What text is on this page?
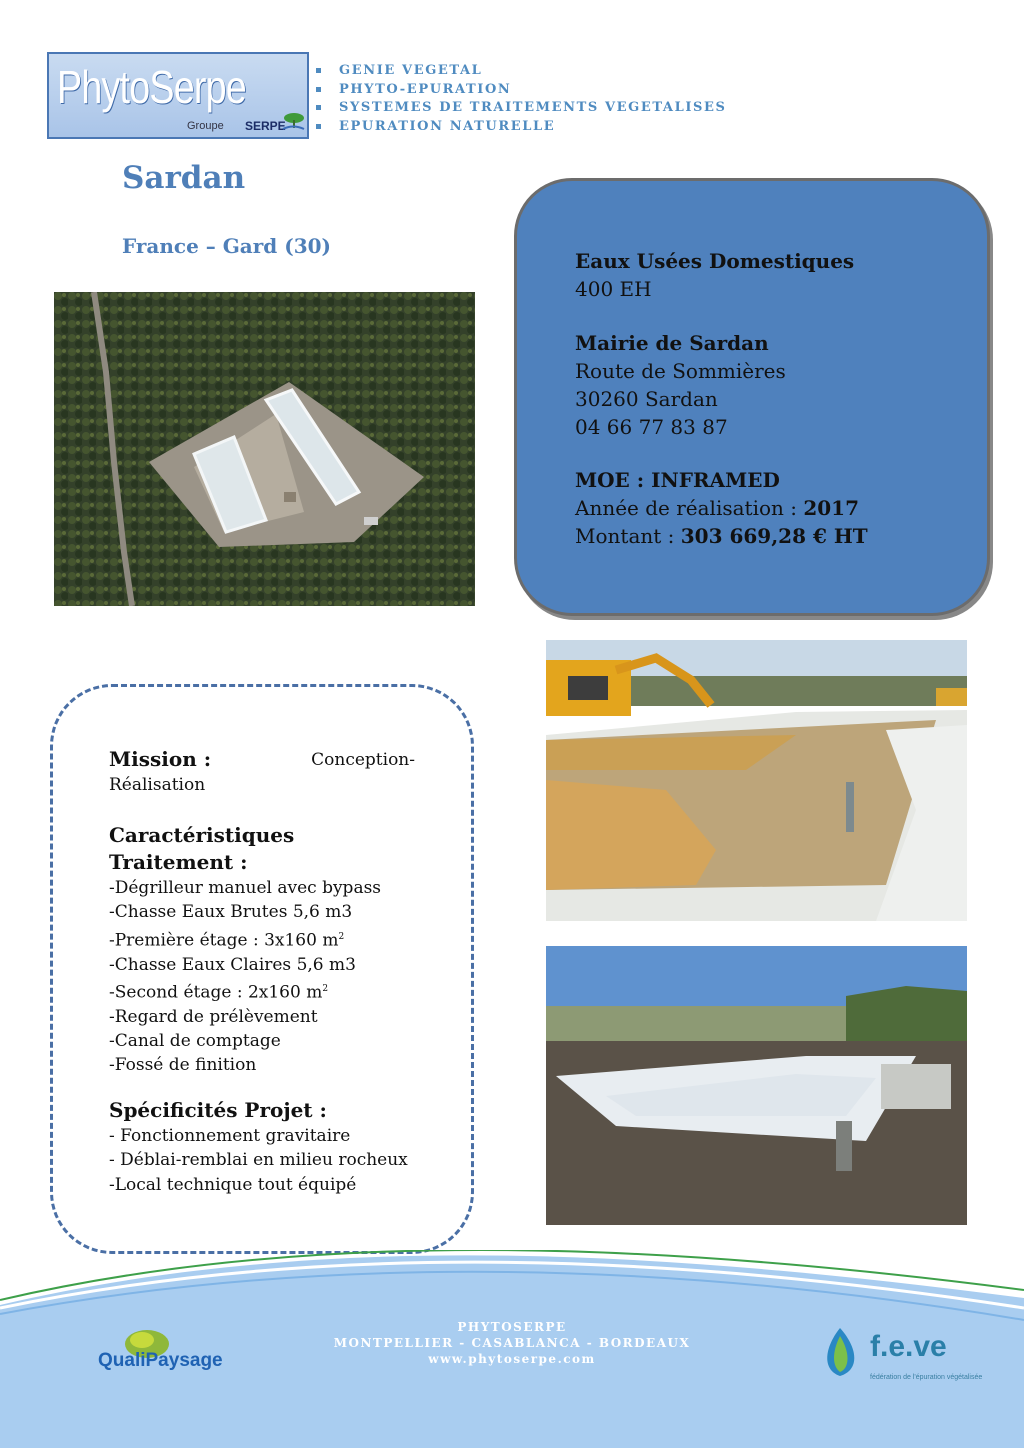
PhytoSerpe
Groupe SERPE
GENIE VEGETAL
PHYTO-EPURATION
SYSTEMES DE TRAITEMENTS VEGETALISES
EPURATION NATURELLE
Sardan
France – Gard (30)
Eaux Usées Domestiques
400 EH
Mairie de Sardan
Route de Sommières
30260 Sardan
04 66 77 83 87
MOE : INFRAMED
Année de réalisation : 2017
Montant : 303 669,28 € HT
Mission :	Conception-
Réalisation
Caractéristiques
Traitement :
-Dégrilleur manuel avec bypass
-Chasse Eaux Brutes 5,6 m3
-Première étage : 3x160 $m^2$
-Chasse Eaux Claires 5,6 m3
-Second étage : 2x160 $m^2$
-Regard de prélèvement
-Canal de comptage
-Fossé de finition
Spécificités Projet :
- Fonctionnement gravitaire
- Déblai-remblai en milieu rocheux
-Local technique tout équipé
PHYTOSERPE
MONTPELLIER - CASABLANCA - BORDEAUX
www.phytoserpe.com
QualiPaysage	f.e.ve
fédération de l'épuration végétalisée
